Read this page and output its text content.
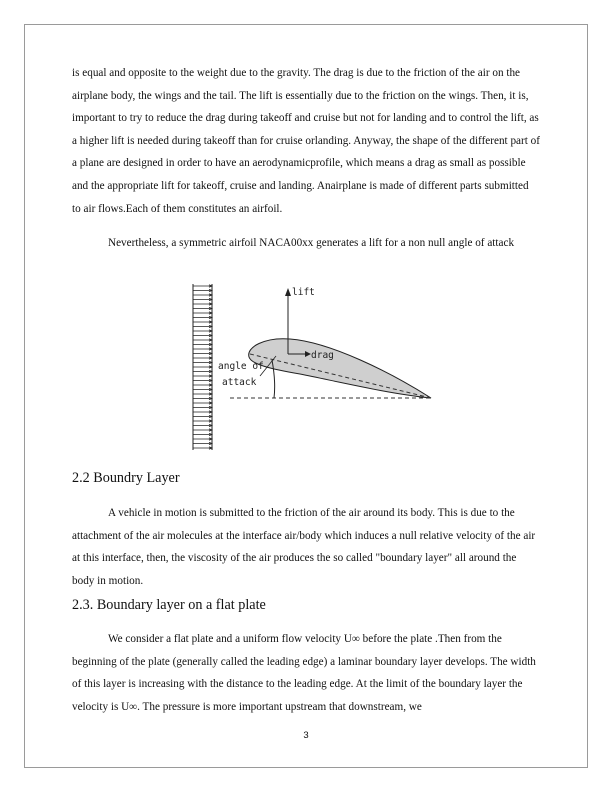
is equal and opposite to the weight due to the gravity. The drag is due to the friction of the air on the airplane body, the wings and the tail. The lift is essentially due to the friction on the wings. Then, it is, important to try to reduce the drag during takeoff and cruise but not for landing and to control the lift, as a higher lift is needed during takeoff than for cruise orlanding. Anyway, the shape of the different part of a plane are designed in order to have an aerodynamicprofile, which means a drag as small as possible and the appropriate lift for takeoff, cruise and landing. Anairplane is made of different parts submitted to air flows.Each of them constitutes an airfoil.

Nevertheless, a symmetric airfoil NACA00xx generates a lift for a non null angle of attack

2.2 Boundry Layer

A vehicle in motion is submitted to the friction of the air around its body. This is due to the attachment of the air molecules at the interface air/body which induces a null relative velocity of the air at this interface, then, the viscosity of the air produces the so called "boundary layer" all around the body in motion.

2.3. Boundary layer on a flat plate

We consider a flat plate and a uniform flow velocity U∞ before the plate .Then from the beginning of the plate (generally called the leading edge) a laminar boundary layer develops. The width of this layer is increasing with the distance to the leading edge. At the limit of the boundary layer the velocity is U∞. The pressure is more important upstream that downstream, we

lift
drag
angle of
attack
3
